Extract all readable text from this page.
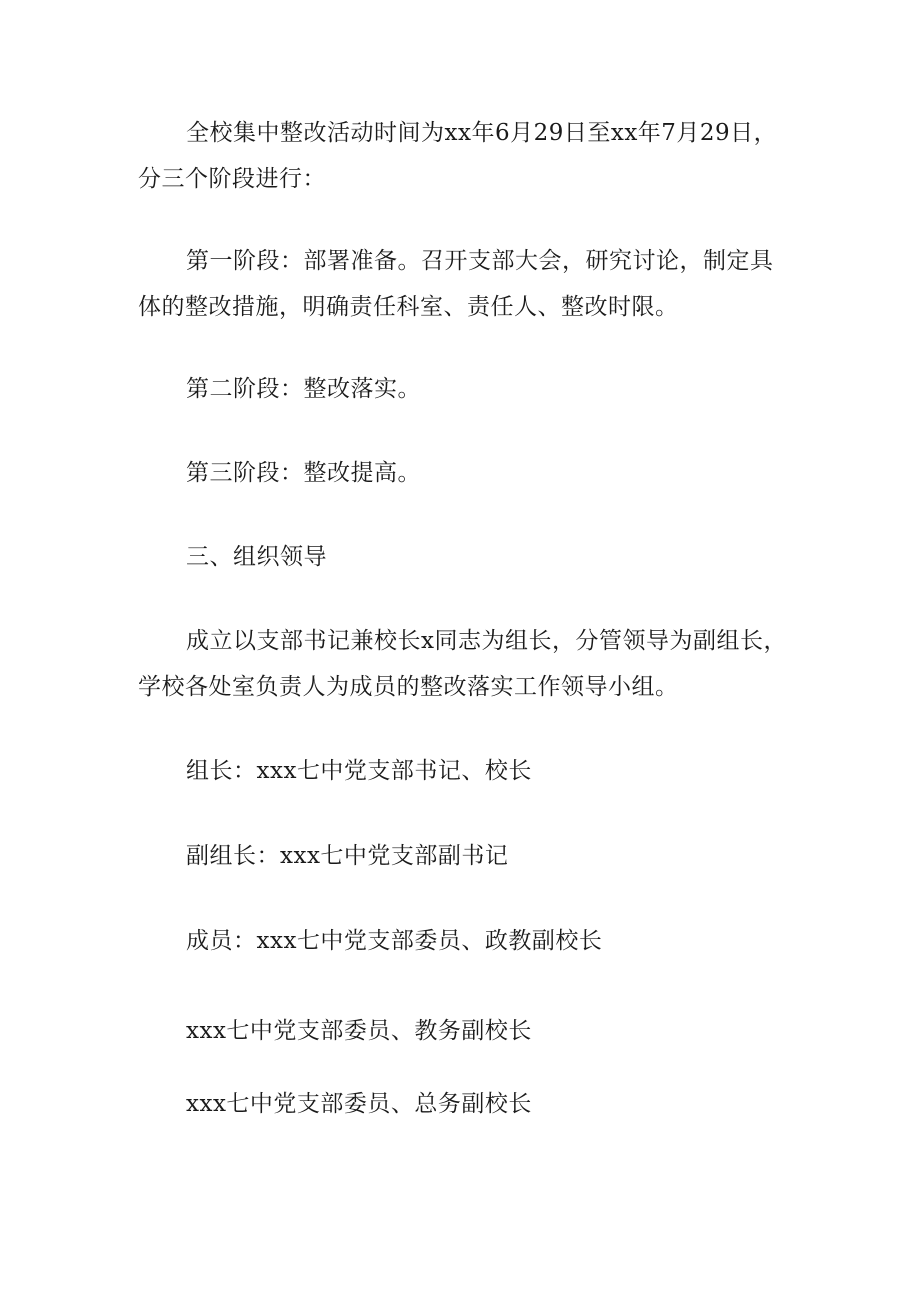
全校集中整改活动时间为xx年6月29日至xx年7月29日，分三个阶段进行：

第一阶段：部署准备。召开支部大会，研究讨论，制定具体的整改措施，明确责任科室、责任人、整改时限。

第二阶段：整改落实。

第三阶段：整改提高。

三、组织领导

成立以支部书记兼校长x同志为组长，分管领导为副组长，学校各处室负责人为成员的整改落实工作领导小组。

组长：xxx七中党支部书记、校长

副组长：xxx七中党支部副书记

成员：xxx七中党支部委员、政教副校长

xxx七中党支部委员、教务副校长

xxx七中党支部委员、总务副校长
